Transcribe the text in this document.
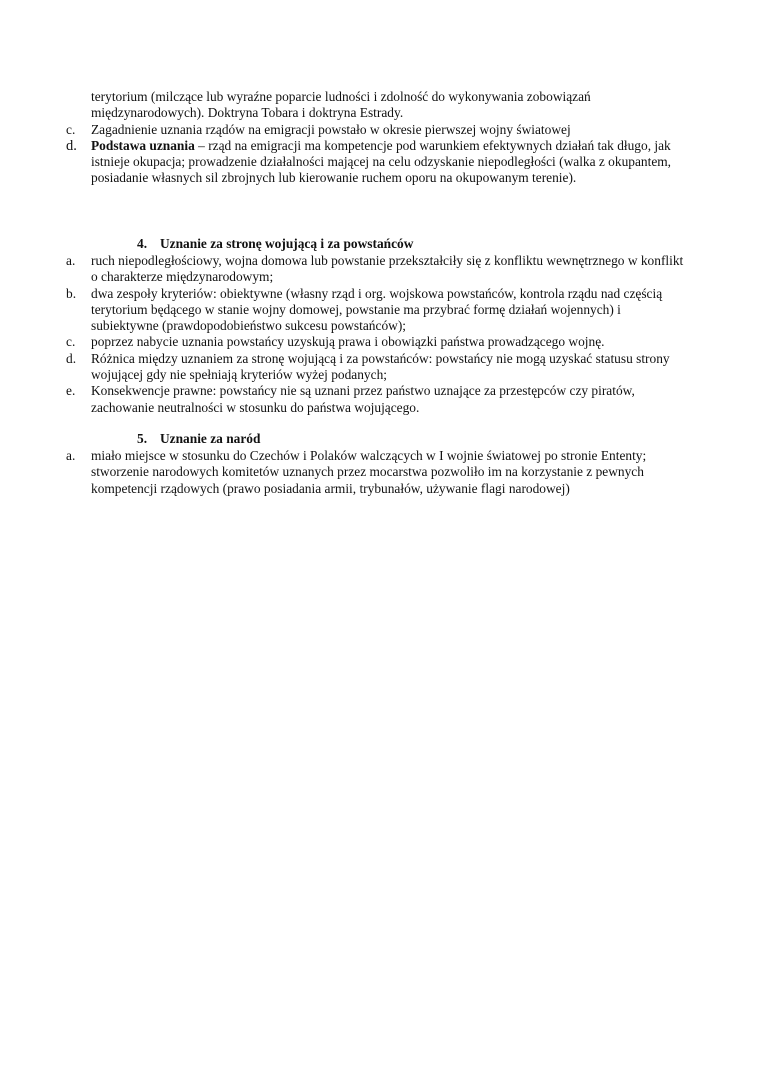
terytorium (milczące lub wyraźne poparcie ludności i zdolność do wykonywania zobowiązań międzynarodowych). Doktryna Tobara i doktryna Estrady.
c.	Zagadnienie uznania rządów na emigracji powstało w okresie pierwszej wojny światowej
d.	Podstawa uznania – rząd na emigracji ma kompetencje pod warunkiem efektywnych działań tak długo, jak istnieje okupacja; prowadzenie działalności mającej na celu odzyskanie niepodległości (walka z okupantem, posiadanie własnych sil zbrojnych lub kierowanie ruchem oporu na okupowanym terenie).
4. Uznanie za stronę wojującą i za powstańców
a.	ruch niepodległościowy, wojna domowa lub powstanie przekształciły się z konfliktu wewnętrznego w konflikt o charakterze międzynarodowym;
b.	dwa zespoły kryteriów: obiektywne (własny rząd i org. wojskowa powstańców, kontrola rządu nad częścią terytorium będącego w stanie wojny domowej, powstanie ma przybrać formę działań wojennych) i subiektywne (prawdopodobieństwo sukcesu powstańców);
c.	poprzez nabycie uznania powstańcy uzyskują prawa i obowiązki państwa prowadzącego wojnę.
d.	Różnica między uznaniem za stronę wojującą i za powstańców: powstańcy nie mogą uzyskać statusu strony wojującej gdy nie spełniają kryteriów wyżej podanych;
e.	Konsekwencje prawne: powstańcy nie są uznani przez państwo uznające za przestępców czy piratów, zachowanie neutralności w stosunku do państwa wojującego.
5. Uznanie za naród
a.	miało miejsce w stosunku do Czechów i Polaków walczących w I wojnie światowej po stronie Ententy; stworzenie narodowych komitetów uznanych przez mocarstwa pozwoliło im na korzystanie z pewnych kompetencji rządowych (prawo posiadania armii, trybunałów, używanie flagi narodowej)
